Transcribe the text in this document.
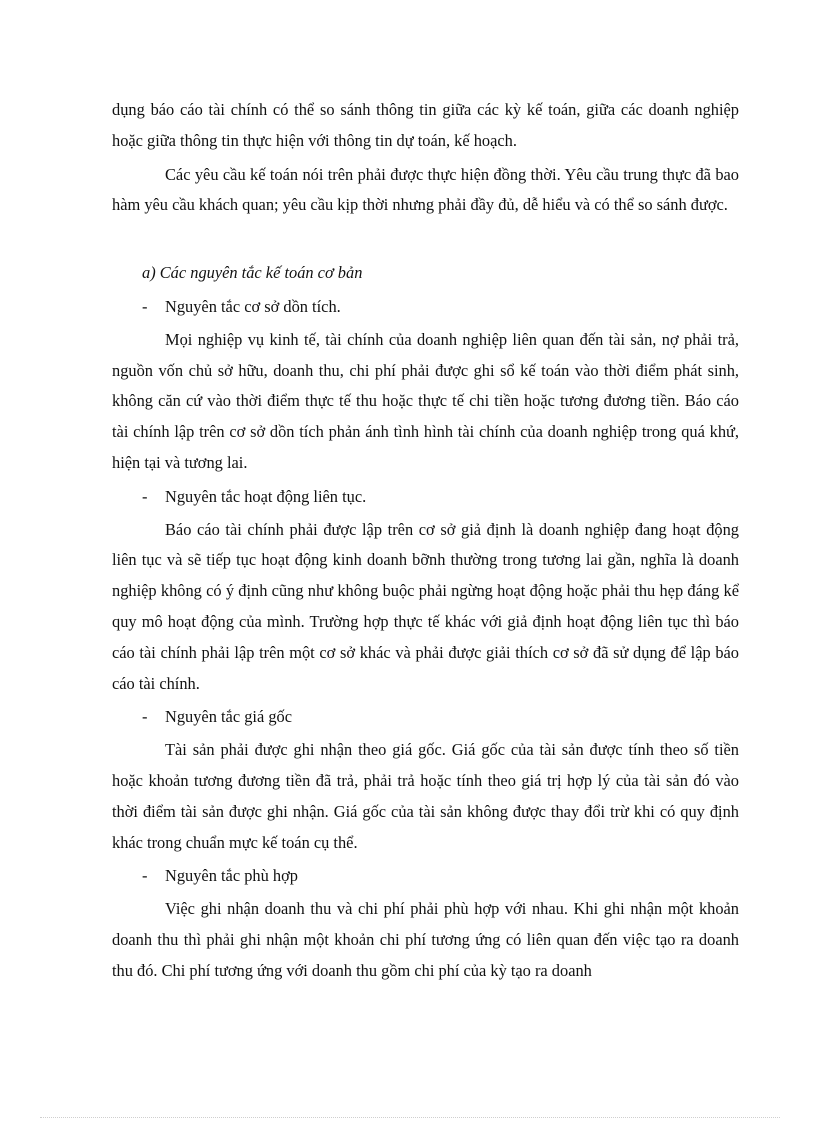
dụng báo cáo tài chính có thể so sánh thông tin giữa các kỳ kế toán, giữa các doanh nghiệp hoặc giữa thông tin thực hiện với thông tin dự toán, kế hoạch.

Các yêu cầu kế toán nói trên phải được thực hiện đồng thời. Yêu cầu trung thực đã bao hàm yêu cầu khách quan; yêu cầu kịp thời nhưng phải đầy đủ, dễ hiểu và có thể so sánh được.

a) Các nguyên tắc kế toán cơ bản

-	Nguyên tắc cơ sở dồn tích.

Mọi nghiệp vụ kinh tế, tài chính của doanh nghiệp liên quan đến tài sản, nợ phải trả, nguồn vốn chủ sở hữu, doanh thu, chi phí phải được ghi sổ kế toán vào thời điểm phát sinh, không căn cứ vào thời điểm thực tế thu hoặc thực tế chi tiền hoặc tương đương tiền. Báo cáo tài chính lập trên cơ sở dồn tích phản ánh tình hình tài chính của doanh nghiệp trong quá khứ, hiện tại và tương lai.

-	Nguyên tắc hoạt động liên tục.

Báo cáo tài chính phải được lập trên cơ sở giả định là doanh nghiệp đang hoạt động liên tục và sẽ tiếp tục hoạt động kinh doanh bỡnh thường trong tương lai gần, nghĩa là doanh nghiệp không có ý định cũng như không buộc phải ngừng hoạt động hoặc phải thu hẹp đáng kể quy mô hoạt động của mình. Trường hợp thực tế khác với giả định hoạt động liên tục thì báo cáo tài chính phải lập trên một cơ sở khác và phải được giải thích cơ sở đã sử dụng để lập báo cáo tài chính.

-	Nguyên tắc giá gốc

Tài sản phải được ghi nhận theo giá gốc. Giá gốc của tài sản được tính theo số tiền hoặc khoản tương đương tiền đã trả, phải trả hoặc tính theo giá trị hợp lý của tài sản đó vào thời điểm tài sản được ghi nhận. Giá gốc của tài sản không được thay đổi trừ khi có quy định khác trong chuẩn mực kế toán cụ thể.

-	Nguyên tắc phù hợp

Việc ghi nhận doanh thu và chi phí phải phù hợp với nhau. Khi ghi nhận một khoản doanh thu thì phải ghi nhận một khoản chi phí tương ứng có liên quan đến việc tạo ra doanh thu đó. Chi phí tương ứng với doanh thu gồm chi phí của kỳ tạo ra doanh
